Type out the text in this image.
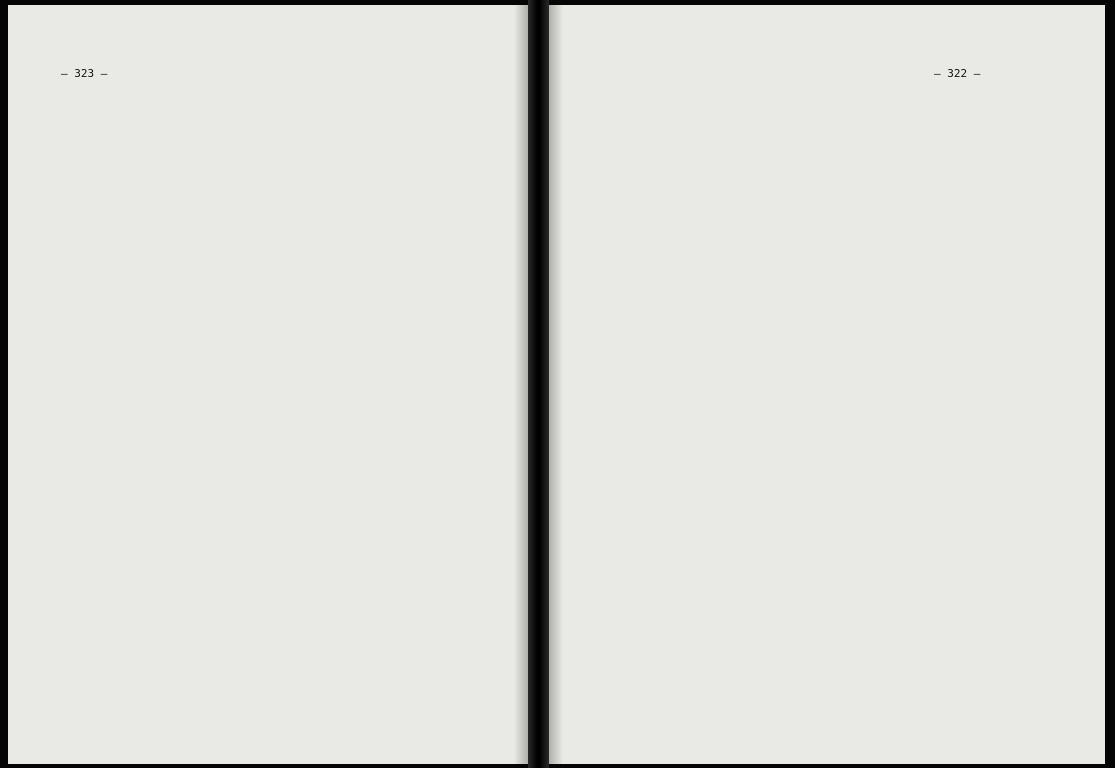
— 323 —	— 322 —
